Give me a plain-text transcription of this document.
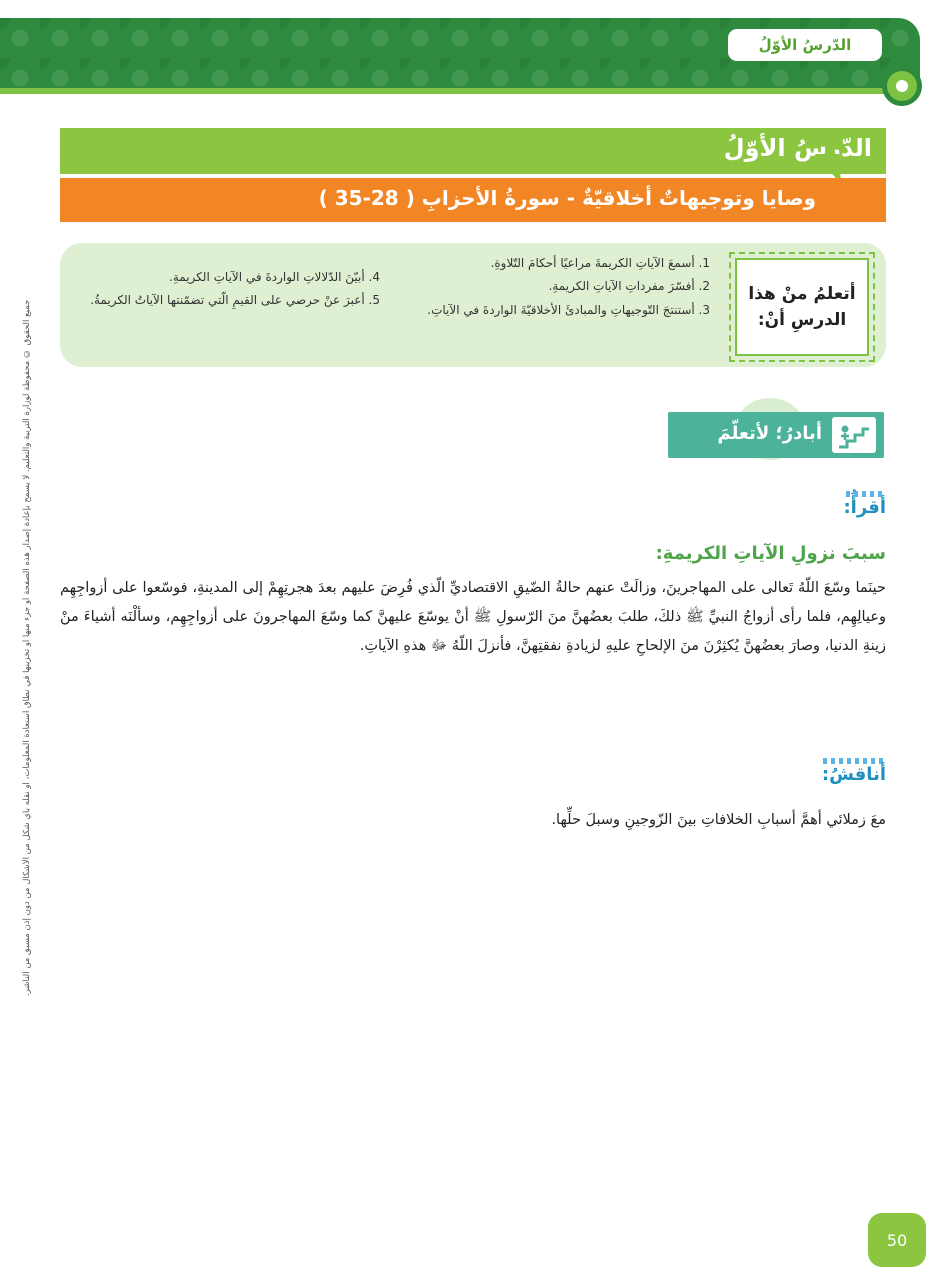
الدّرسُ الأوّلُ
جميع الحقوق © محفوظة لوزارة التربية والتعليم. لا يسمح بإعادة إصدار هذه الصفحة أو جزء منها أو تخزينها في نطاق استعادة المعلومات، أو نقله بأي شكل من الأشكال من دون إذن مسبق من الناشر.
الدّرسُ الأوّلُ
وصايا وتوجيهاتٌ أخلاقيّةٌ - سورةُ الأحزابِ ( 28-35 )
أتعلمُ منْ هذا الدرسِ أنْ:
1. أسمعَ الآياتِ الكريمةَ مراعيًا أحكامَ التّلاوةِ.
2. أفسّرَ مفرداتِ الآياتِ الكريمةِ.
3. أستنتجَ التّوجيهاتِ والمبادئَ الأخلاقيّةَ الواردةَ في الآياتِ.
4. أبيّنَ الدّلالاتِ الواردةَ في الآياتِ الكريمةِ.
5. أعبرَ عنْ حرصي على القيمِ الّتي تضمّنتها الآياتُ الكريمةُ.
أبادرُ؛ لأتعلّمَ
أقرأُ:
سببَ نزولِ الآياتِ الكريمةِ:
حينَما وسّعَ اللّهُ تَعالى على المهاجرينَ، وزالَتْ عنهم حالةُ الضّيقِ الاقتصاديِّ الّذي فُرِضَ عليهم بعدَ هجرتِهِمْ إلى المدينةِ، فوسّعوا على أزواجِهِم وعيالِهِم، فلما رأى أزواجُ النبيِّ ﷺ ذلكَ، طلبَ بعضُهنَّ منَ الرّسولِ ﷺ أنْ يوسّعَ عليهنَّ كما وسّعَ المهاجرونَ على أزواجِهِم، وسألْنَه أشياءَ منْ زينةِ الدنيا، وصارَ بعضُهنَّ يُكثِرْنَ منَ الإلحاحِ عليهِ لزيادةِ نفقتِهنَّ، فأنزلَ اللّهُ ﷻ هذهِ الآياتِ.
أناقشُ:
معَ زملائي أهمَّ أسبابِ الخلافاتِ بينَ الزّوجينِ وسبلَ حلِّها.
50
